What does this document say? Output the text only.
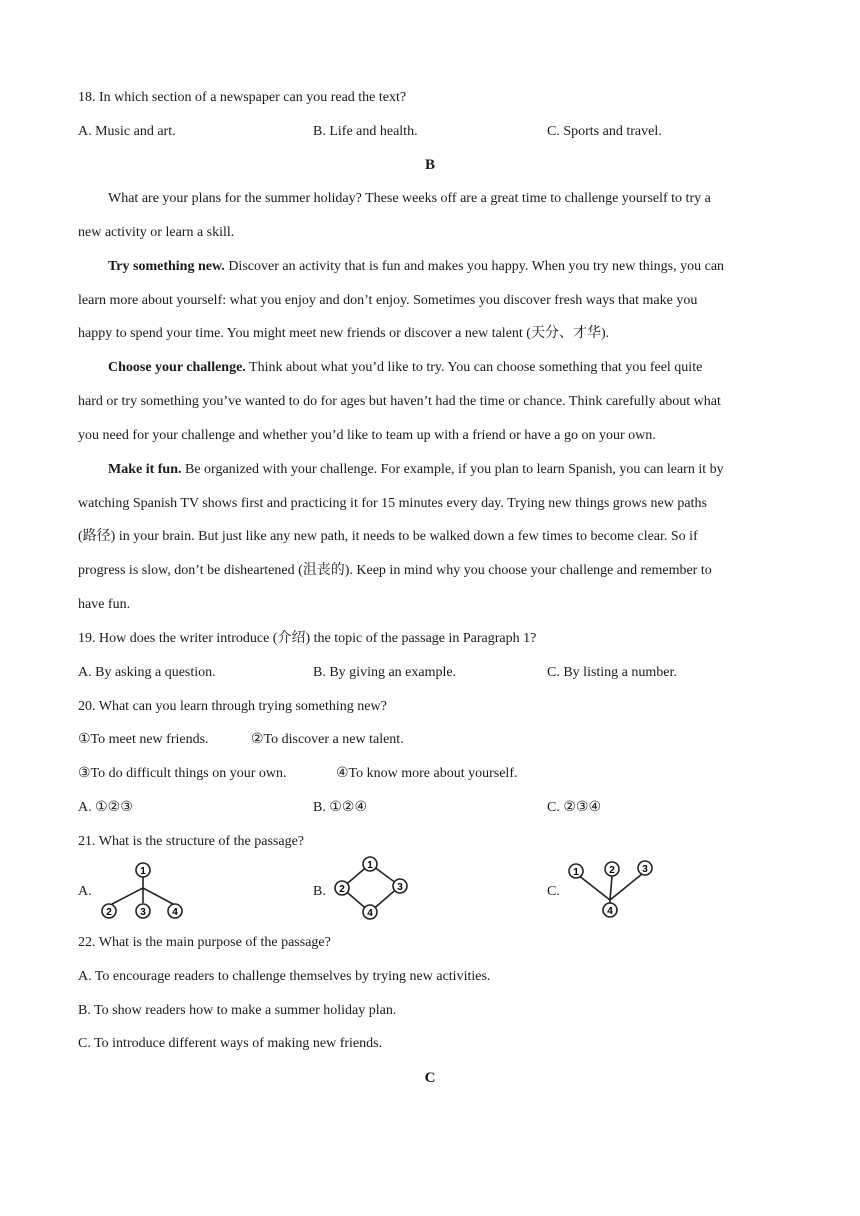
18. In which section of a newspaper can you read the text?
A. Music and art.	B. Life and health.	C. Sports and travel.
B
What are your plans for the summer holiday? These weeks off are a great time to challenge yourself to try a
new activity or learn a skill.
Try something new. Discover an activity that is fun and makes you happy. When you try new things, you can
learn more about yourself: what you enjoy and don’t enjoy. Sometimes you discover fresh ways that make you
happy to spend your time. You might meet new friends or discover a new talent (天分、才华).
Choose your challenge. Think about what you’d like to try. You can choose something that you feel quite
hard or try something you’ve wanted to do for ages but haven’t had the time or chance. Think carefully about what
you need for your challenge and whether you’d like to team up with a friend or have a go on your own.
Make it fun. Be organized with your challenge. For example, if you plan to learn Spanish, you can learn it by
watching Spanish TV shows first and practicing it for 15 minutes every day. Trying new things grows new paths
(路径) in your brain. But just like any new path, it needs to be walked down a few times to become clear. So if
progress is slow, don’t be disheartened (沮丧的). Keep in mind why you choose your challenge and remember to
have fun.
19. How does the writer introduce (介绍) the topic of the passage in Paragraph 1?
A. By asking a question.	B. By giving an example.	C. By listing a number.
20. What can you learn through trying something new?
①To meet new friends.	②To discover a new talent.
③To do difficult things on your own.	④To know more about yourself.
A. ①②③	B. ①②④	C. ②③④
21. What is the structure of the passage?
A.	B.	C.
1
2	3	4
1
2	3
4
1	2	3
4
22. What is the main purpose of the passage?
A. To encourage readers to challenge themselves by trying new activities.
B. To show readers how to make a summer holiday plan.
C. To introduce different ways of making new friends.
C
